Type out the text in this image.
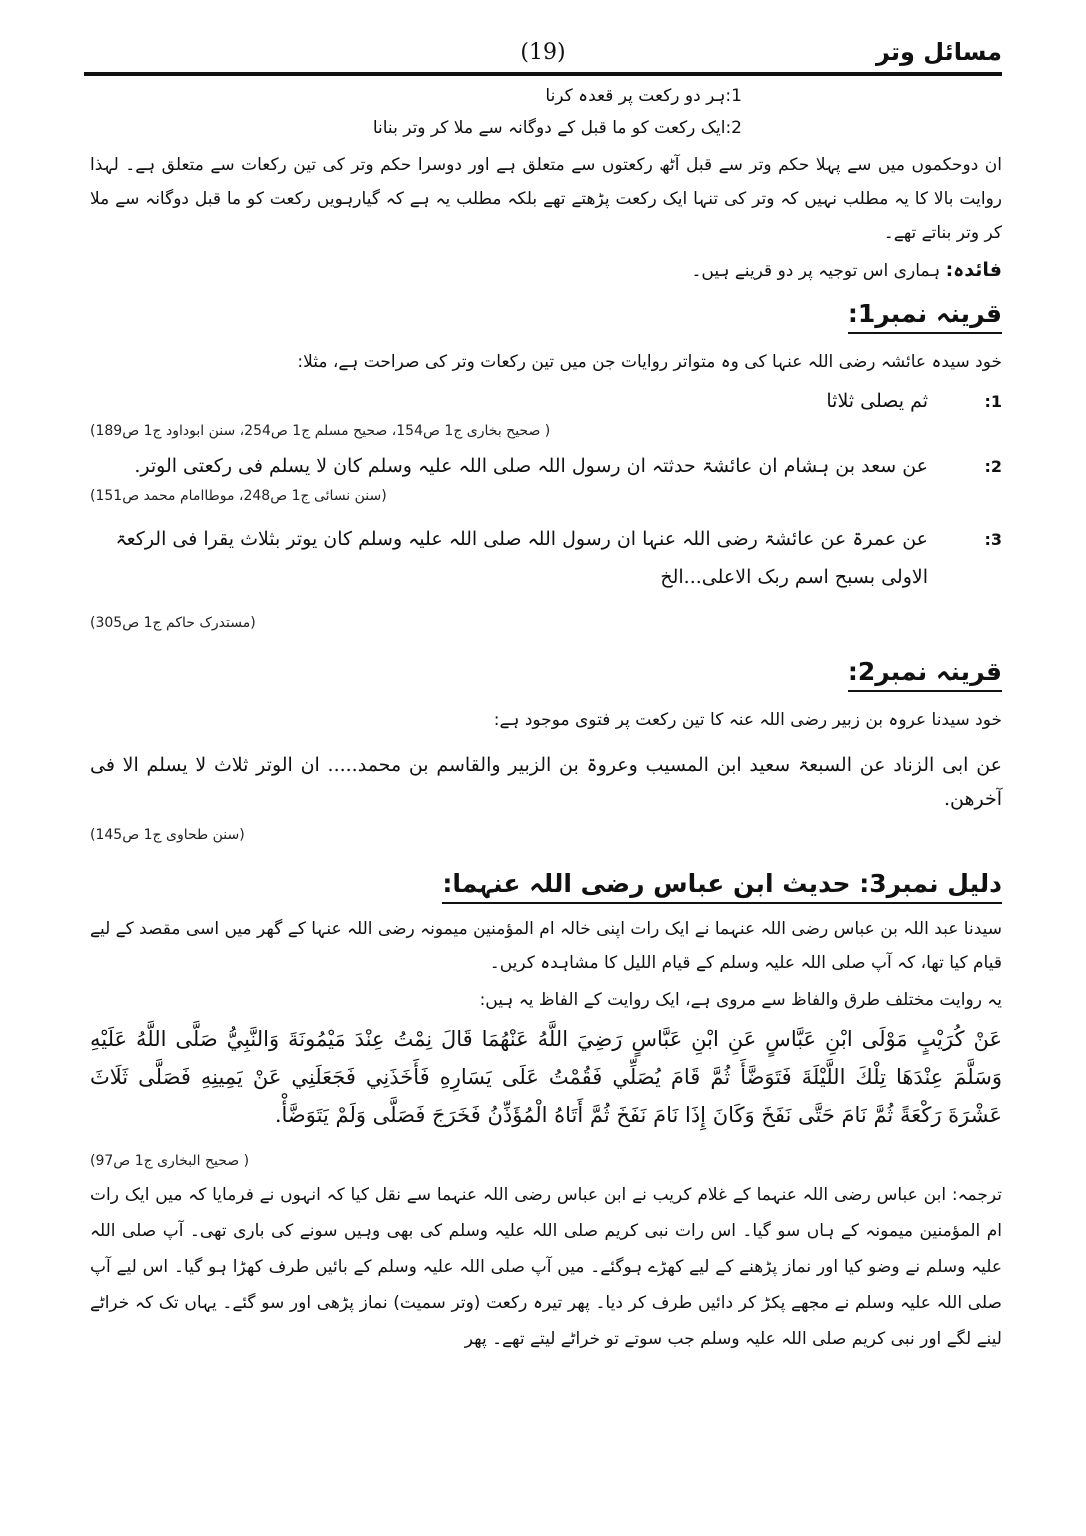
مسائل وتر
(19)

1:ہر دو رکعت پر قعدہ کرنا

2:ایک رکعت کو ما قبل کے دوگانہ سے ملا کر وتر بنانا

ان دوحکموں میں سے پہلا حکم وتر سے قبل آٹھ رکعتوں سے متعلق ہے اور دوسرا حکم وتر کی تین رکعات سے متعلق ہے۔ لہذا روایت بالا کا یہ مطلب نہیں کہ وتر کی تنہا ایک رکعت پڑھتے تھے بلکہ مطلب یہ ہے کہ گیارہویں رکعت کو ما قبل دوگانہ سے ملا کر وتر بناتے تھے۔

فائدہ: ہماری اس توجیہ پر دو قرینے ہیں۔

قرینہ نمبر1:

خود سیدہ عائشہ رضی اللہ عنہا کی وہ متواتر روایات جن میں تین رکعات وتر کی صراحت ہے، مثلا:

1:
ثم یصلی ثلاثا
( صحیح بخاری ج1 ص154، صحیح مسلم ج1 ص254، سنن ابوداود ج1 ص189)
2:
عن سعد بن ہشام ان عائشۃ حدثتہ ان رسول اللہ صلی اللہ علیہ وسلم کان لا یسلم فی رکعتی الوتر.
(سنن نسائی ج1 ص248، موطاامام محمد ص151)
3:
عن عمرۃ عن عائشۃ رضی اللہ عنہا ان رسول اللہ صلی اللہ علیہ وسلم کان یوتر بثلاث یقرا فی الرکعۃ الاولی بسبح اسم ربک الاعلی...الخ
(مستدرک حاکم ج1 ص305)
قرینہ نمبر2:

خود سیدنا عروہ بن زبیر رضی اللہ عنہ کا تین رکعت پر فتوی موجود ہے:

عن ابی الزناد عن السبعۃ سعید ابن المسیب وعروۃ بن الزبیر والقاسم بن محمد..... ان الوتر ثلاث لا یسلم الا فی آخرھن.

(سنن طحاوی ج1 ص145)
دلیل نمبر3: حدیث ابن عباس رضی اللہ عنہما:

سیدنا عبد اللہ بن عباس رضی اللہ عنہما نے ایک رات اپنی خالہ ام المؤمنین میمونہ رضی اللہ عنہا کے گھر میں اسی مقصد کے لیے قیام کیا تھا، کہ آپ صلی اللہ علیہ وسلم کے قیام اللیل کا مشاہدہ کریں۔

یہ روایت مختلف طرق والفاظ سے مروی ہے، ایک روایت کے الفاظ یہ ہیں:

عَنْ كُرَيْبٍ مَوْلَى ابْنِ عَبَّاسٍ عَنِ ابْنِ عَبَّاسٍ رَضِيَ اللَّهُ عَنْهُمَا قَالَ نِمْتُ عِنْدَ مَيْمُونَةَ وَالنَّبِيُّ صَلَّى اللَّهُ عَلَيْهِ وَسَلَّمَ عِنْدَهَا تِلْكَ اللَّيْلَةَ فَتَوَضَّأَ ثُمَّ قَامَ يُصَلِّي فَقُمْتُ عَلَى يَسَارِهِ فَأَخَذَنِي فَجَعَلَنِي عَنْ يَمِينِهِ فَصَلَّى ثَلَاثَ عَشْرَةَ رَكْعَةً ثُمَّ نَامَ حَتَّى نَفَخَ وَكَانَ إِذَا نَامَ نَفَخَ ثُمَّ أَتَاهُ الْمُؤَذِّنُ فَخَرَجَ فَصَلَّى وَلَمْ يَتَوَضَّأْ.

( صحیح البخاری ج1 ص97)

ترجمہ: ابن عباس رضی اللہ عنہما کے غلام کریب نے ابن عباس رضی اللہ عنہما سے نقل کیا کہ انہوں نے فرمایا کہ میں ایک رات ام المؤمنین میمونہ کے ہاں سو گیا۔ اس رات نبی کریم صلی اللہ علیہ وسلم کی بھی وہیں سونے کی باری تھی۔ آپ صلی اللہ علیہ وسلم نے وضو کیا اور نماز پڑھنے کے لیے کھڑے ہوگئے۔ میں آپ صلی اللہ علیہ وسلم کے بائیں طرف کھڑا ہو گیا۔ اس لیے آپ صلی اللہ علیہ وسلم نے مجھے پکڑ کر دائیں طرف کر دیا۔ پھر تیرہ رکعت (وتر سمیت) نماز پڑھی اور سو گئے۔ یہاں تک کہ خراٹے لینے لگے اور نبی کریم صلی اللہ علیہ وسلم جب سوتے تو خراٹے لیتے تھے۔ پھر
